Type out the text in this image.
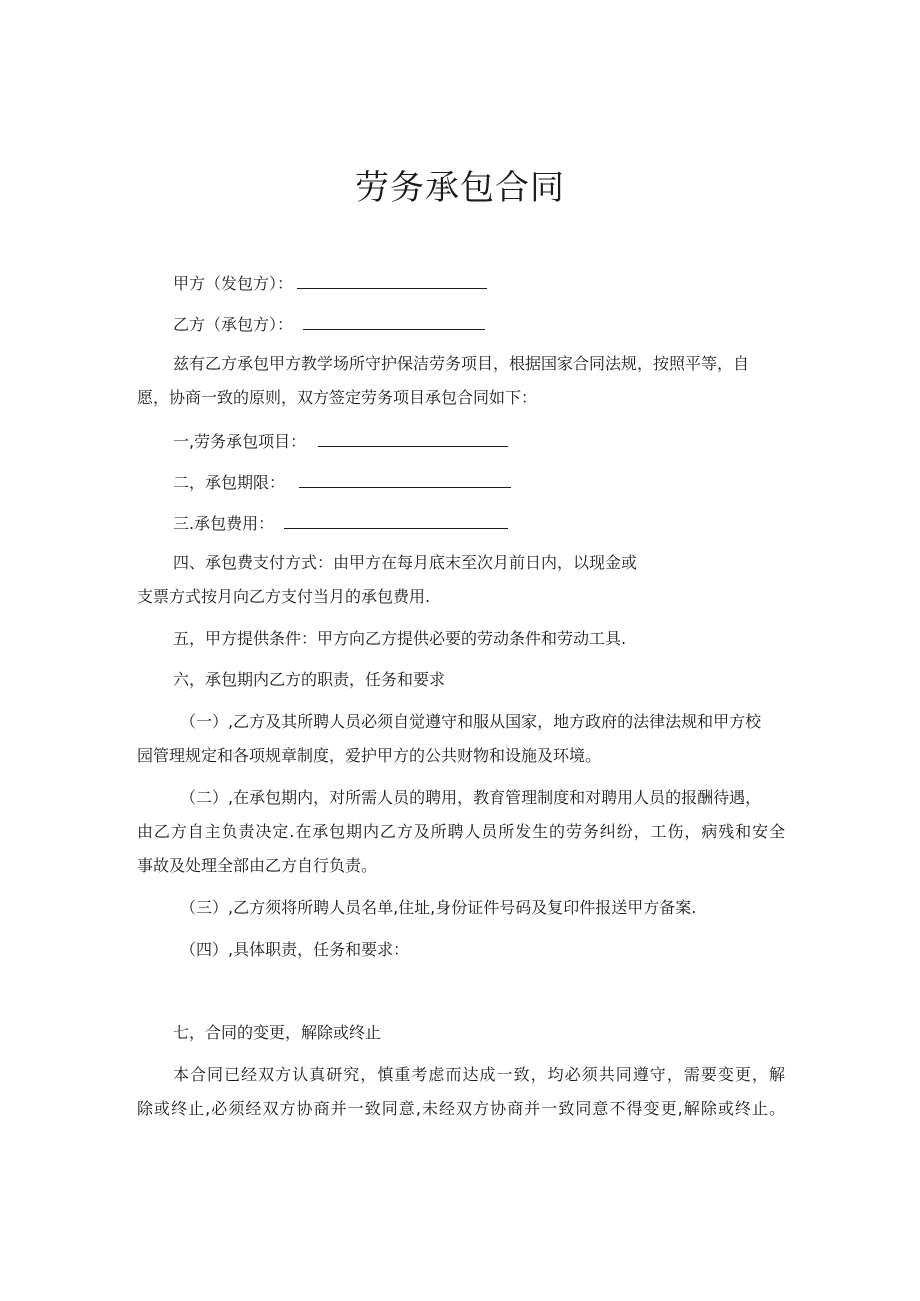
劳务承包合同
甲方（发包方）：
乙方（承包方）：
兹有乙方承包甲方教学场所守护保洁劳务项目，根据国家合同法规，按照平等，自
愿，协商一致的原则，双方签定劳务项目承包合同如下：
一,劳务承包项目：
二，承包期限：
三.承包费用：
四、承包费支付方式：由甲方在每月底末至次月前日内，以现金或
支票方式按月向乙方支付当月的承包费用.
五，甲方提供条件：甲方向乙方提供必要的劳动条件和劳动工具.
六，承包期内乙方的职责，任务和要求
（一）,乙方及其所聘人员必须自觉遵守和服从国家，地方政府的法律法规和甲方校
园管理规定和各项规章制度，爱护甲方的公共财物和设施及环境。
（二）,在承包期内，对所需人员的聘用，教育管理制度和对聘用人员的报酬待遇，
由乙方自主负责决定.在承包期内乙方及所聘人员所发生的劳务纠纷，工伤，病残和安全
事故及处理全部由乙方自行负责。
（三）,乙方须将所聘人员名单,住址,身份证件号码及复印件报送甲方备案.
（四）,具体职责，任务和要求：
七，合同的变更，解除或终止
本合同已经双方认真研究，慎重考虑而达成一致，均必须共同遵守，需要变更，解
除或终止,必须经双方协商并一致同意,未经双方协商并一致同意不得变更,解除或终止。
